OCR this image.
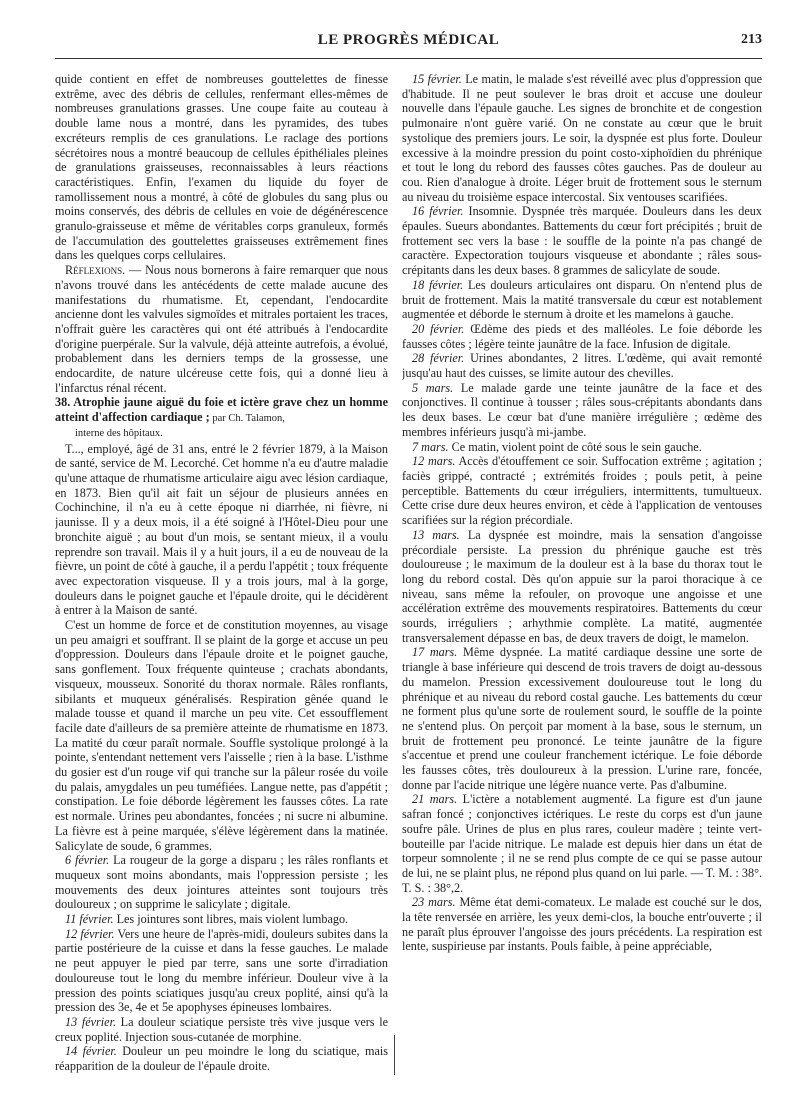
LE PROGRÈS MÉDICAL	213

quide contient en effet de nombreuses gouttelettes de finesse extrême, avec des débris de cellules, renfermant elles-mêmes de nombreuses granulations grasses. Une coupe faite au couteau à double lame nous a montré, dans les pyramides, des tubes excréteurs remplis de ces granulations. Le raclage des portions sécrétoires nous a montré beaucoup de cellules épithéliales pleines de granulations graisseuses, reconnaissables à leurs réactions caractéristiques. Enfin, l'examen du liquide du foyer de ramollissement nous a montré, à côté de globules du sang plus ou moins conservés, des débris de cellules en voie de dégénérescence granulo-graisseuse et même de véritables corps granuleux, formés de l'accumulation des gouttelettes graisseuses extrêmement fines dans les quelques corps cellulaires.

Réflexions. — Nous nous bornerons à faire remarquer que nous n'avons trouvé dans les antécédents de cette malade aucune des manifestations du rhumatisme. Et, cependant, l'endocardite ancienne dont les valvules sigmoïdes et mitrales portaient les traces, n'offrait guère les caractères qui ont été attribués à l'endocardite d'origine puerpérale. Sur la valvule, déjà atteinte autrefois, a évolué, probablement dans les derniers temps de la grossesse, une endocardite, de nature ulcéreuse cette fois, qui a donné lieu à l'infarctus rénal récent.

38. Atrophie jaune aiguë du foie et ictère grave chez un homme atteint d'affection cardiaque ; par Ch. Talamon,
interne des hôpitaux.

T..., employé, âgé de 31 ans, entré le 2 février 1879, à la Maison de santé, service de M. Lecorché. Cet homme n'a eu d'autre maladie qu'une attaque de rhumatisme articulaire aigu avec lésion cardiaque, en 1873. Bien qu'il ait fait un séjour de plusieurs années en Cochinchine, il n'a eu à cette époque ni diarrhée, ni fièvre, ni jaunisse. Il y a deux mois, il a été soigné à l'Hôtel-Dieu pour une bronchite aiguë ; au bout d'un mois, se sentant mieux, il a voulu reprendre son travail. Mais il y a huit jours, il a eu de nouveau de la fièvre, un point de côté à gauche, il a perdu l'appétit ; toux fréquente avec expectoration visqueuse. Il y a trois jours, mal à la gorge, douleurs dans le poignet gauche et l'épaule droite, qui le décidèrent à entrer à la Maison de santé.

C'est un homme de force et de constitution moyennes, au visage un peu amaigri et souffrant. Il se plaint de la gorge et accuse un peu d'oppression. Douleurs dans l'épaule droite et le poignet gauche, sans gonflement. Toux fréquente quinteuse ; crachats abondants, visqueux, mousseux. Sonorité du thorax normale. Râles ronflants, sibilants et muqueux généralisés. Respiration gênée quand le malade tousse et quand il marche un peu vite. Cet essoufflement facile date d'ailleurs de sa première atteinte de rhumatisme en 1873. La matité du cœur paraît normale. Souffle systolique prolongé à la pointe, s'entendant nettement vers l'aisselle ; rien à la base. L'isthme du gosier est d'un rouge vif qui tranche sur la pâleur rosée du voile du palais, amygdales un peu tuméfiées. Langue nette, pas d'appétit ; constipation. Le foie déborde légèrement les fausses côtes. La rate est normale. Urines peu abondantes, foncées ; ni sucre ni albumine. La fièvre est à peine marquée, s'élève légèrement dans la matinée. Salicylate de soude, 6 grammes.

6 février. La rougeur de la gorge a disparu ; les râles ronflants et muqueux sont moins abondants, mais l'oppression persiste ; les mouvements des deux jointures atteintes sont toujours très douloureux ; on supprime le salicylate ; digitale.

11 février. Les jointures sont libres, mais violent lumbago.

12 février. Vers une heure de l'après-midi, douleurs subites dans la partie postérieure de la cuisse et dans la fesse gauches. Le malade ne peut appuyer le pied par terre, sans une sorte d'irradiation douloureuse tout le long du membre inférieur. Douleur vive à la pression des points sciatiques jusqu'au creux poplité, ainsi qu'à la pression des 3e, 4e et 5e apophyses épineuses lombaires.

13 février. La douleur sciatique persiste très vive jusque vers le creux poplité. Injection sous-cutanée de morphine.

14 février. Douleur un peu moindre le long du sciatique, mais réapparition de la douleur de l'épaule droite.

15 février. Le matin, le malade s'est réveillé avec plus d'oppression que d'habitude. Il ne peut soulever le bras droit et accuse une douleur nouvelle dans l'épaule gauche. Les signes de bronchite et de congestion pulmonaire n'ont guère varié. On ne constate au cœur que le bruit systolique des premiers jours. Le soir, la dyspnée est plus forte. Douleur excessive à la moindre pression du point costo-xiphoïdien du phrénique et tout le long du rebord des fausses côtes gauches. Pas de douleur au cou. Rien d'analogue à droite. Léger bruit de frottement sous le sternum au niveau du troisième espace intercostal. Six ventouses scarifiées.

16 février. Insomnie. Dyspnée très marquée. Douleurs dans les deux épaules. Sueurs abondantes. Battements du cœur fort précipités ; bruit de frottement sec vers la base : le souffle de la pointe n'a pas changé de caractère. Expectoration toujours visqueuse et abondante ; râles sous-crépitants dans les deux bases. 8 grammes de salicylate de soude.

18 février. Les douleurs articulaires ont disparu. On n'entend plus de bruit de frottement. Mais la matité transversale du cœur est notablement augmentée et déborde le sternum à droite et les mamelons à gauche.

20 février. Œdème des pieds et des malléoles. Le foie déborde les fausses côtes ; légère teinte jaunâtre de la face. Infusion de digitale.

28 février. Urines abondantes, 2 litres. L'œdème, qui avait remonté jusqu'au haut des cuisses, se limite autour des chevilles.

5 mars. Le malade garde une teinte jaunâtre de la face et des conjonctives. Il continue à tousser ; râles sous-crépitants abondants dans les deux bases. Le cœur bat d'une manière irrégulière ; œdème des membres inférieurs jusqu'à mi-jambe.

7 mars. Ce matin, violent point de côté sous le sein gauche.

12 mars. Accès d'étouffement ce soir. Suffocation extrême ; agitation ; faciès grippé, contracté ; extrémités froides ; pouls petit, à peine perceptible. Battements du cœur irréguliers, intermittents, tumultueux. Cette crise dure deux heures environ, et cède à l'application de ventouses scarifiées sur la région précordiale.

13 mars. La dyspnée est moindre, mais la sensation d'angoisse précordiale persiste. La pression du phrénique gauche est très douloureuse ; le maximum de la douleur est à la base du thorax tout le long du rebord costal. Dès qu'on appuie sur la paroi thoracique à ce niveau, sans même la refouler, on provoque une angoisse et une accélération extrême des mouvements respiratoires. Battements du cœur sourds, irréguliers ; arhythmie complète. La matité, augmentée transversalement dépasse en bas, de deux travers de doigt, le mamelon.

17 mars. Même dyspnée. La matité cardiaque dessine une sorte de triangle à base inférieure qui descend de trois travers de doigt au-dessous du mamelon. Pression excessivement douloureuse tout le long du phrénique et au niveau du rebord costal gauche. Les battements du cœur ne forment plus qu'une sorte de roulement sourd, le souffle de la pointe ne s'entend plus. On perçoit par moment à la base, sous le sternum, un bruit de frottement peu prononcé. Le teinte jaunâtre de la figure s'accentue et prend une couleur franchement ictérique. Le foie déborde les fausses côtes, très douloureux à la pression. L'urine rare, foncée, donne par l'acide nitrique une légère nuance verte. Pas d'albumine.

21 mars. L'ictère a notablement augmenté. La figure est d'un jaune safran foncé ; conjonctives ictériques. Le reste du corps est d'un jaune soufre pâle. Urines de plus en plus rares, couleur madère ; teinte vert-bouteille par l'acide nitrique. Le malade est depuis hier dans un état de torpeur somnolente ; il ne se rend plus compte de ce qui se passe autour de lui, ne se plaint plus, ne répond plus quand on lui parle. — T. M. : 38°. T. S. : 38°,2.

23 mars. Même état demi-comateux. Le malade est couché sur le dos, la tête renversée en arrière, les yeux demi-clos, la bouche entr'ouverte ; il ne paraît plus éprouver l'angoisse des jours précédents. La respiration est lente, suspirieuse par instants. Pouls faible, à peine appréciable,
